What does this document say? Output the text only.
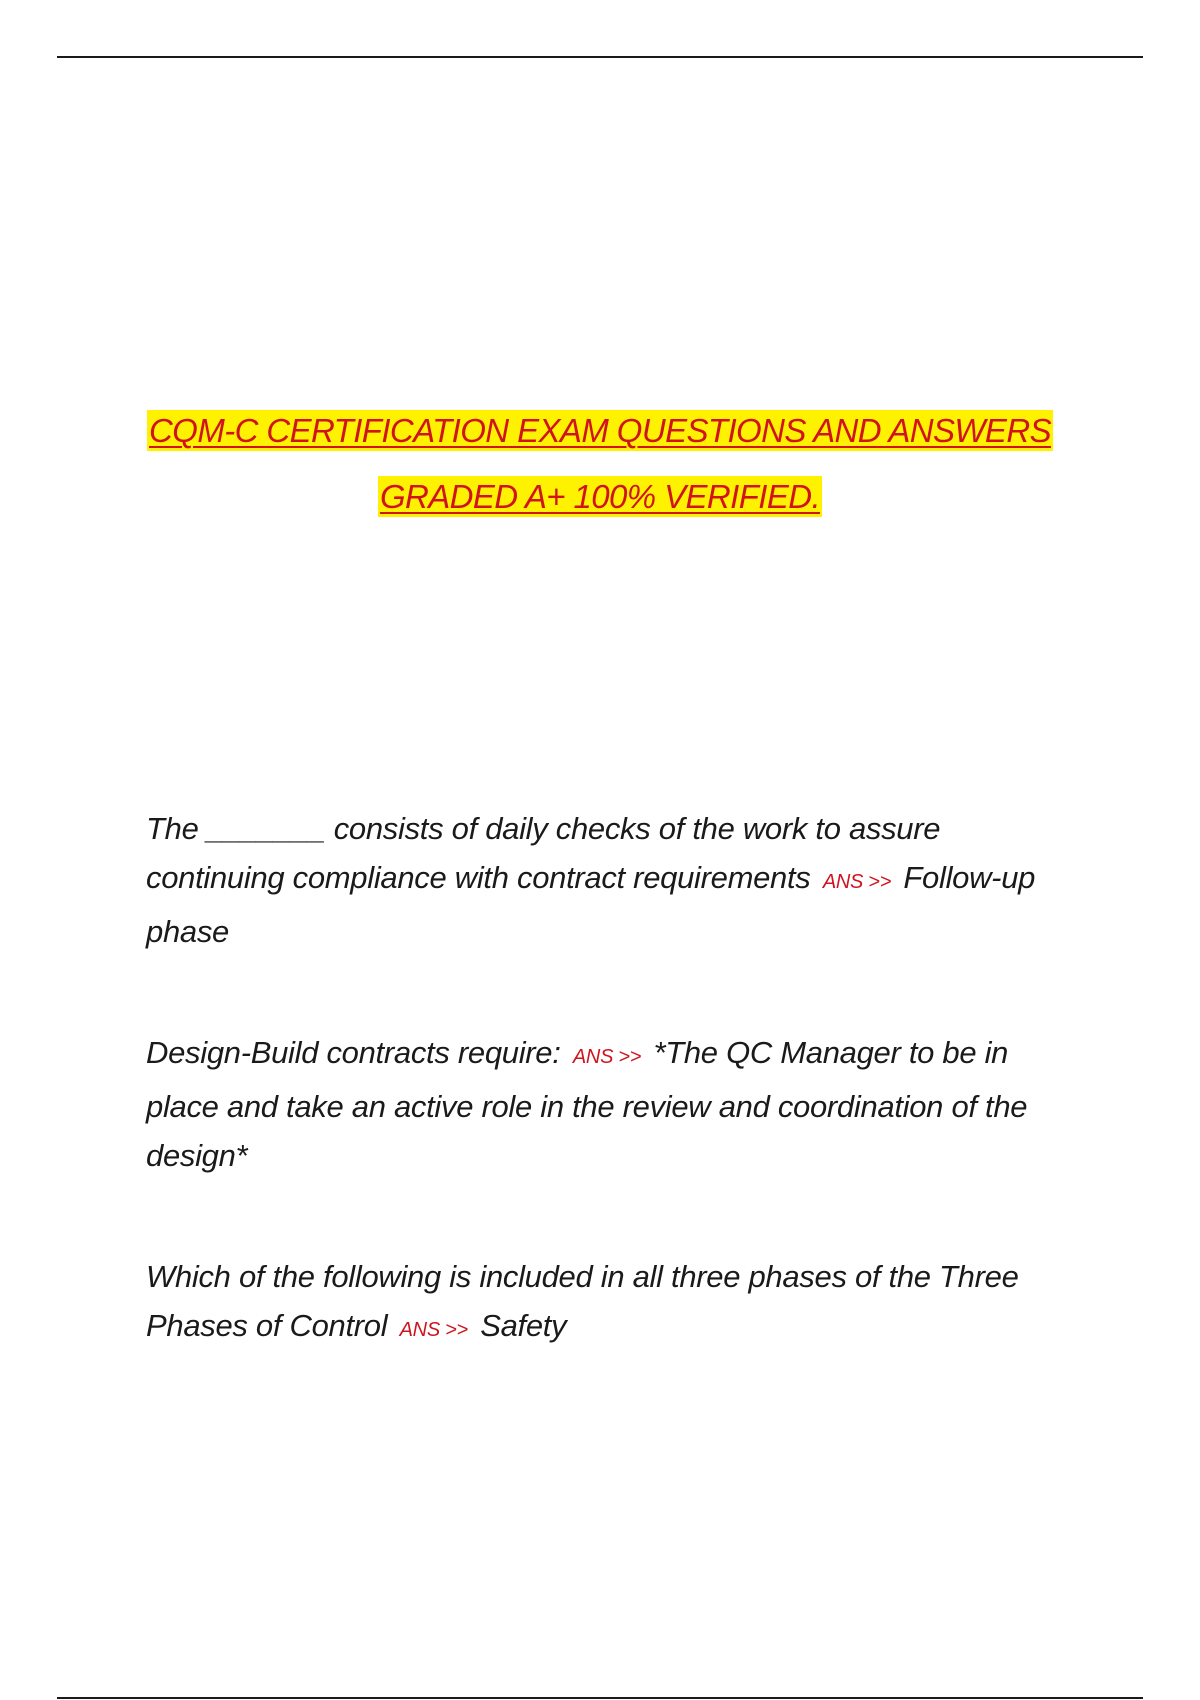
CQM-C CERTIFICATION EXAM QUESTIONS AND ANSWERS
GRADED A+ 100% VERIFIED.

The _______ consists of daily checks of the work to assure continuing compliance with contract requirements ANS >> Follow-up phase

Design-Build contracts require: ANS >> *The QC Manager to be in place and take an active role in the review and coordination of the design*

Which of the following is included in all three phases of the Three Phases of Control ANS >> Safety
